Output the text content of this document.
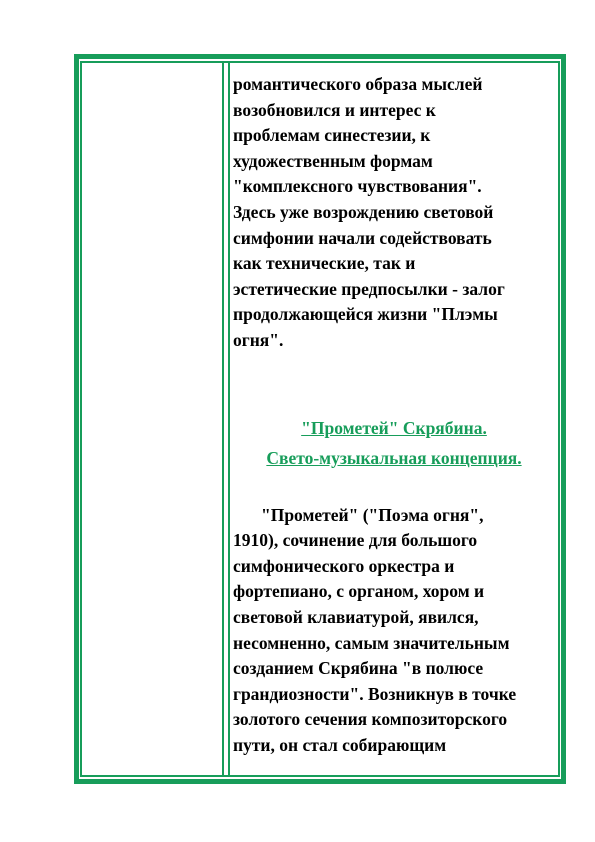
романтического образа мыслей
возобновился и интерес к
проблемам синестезии, к
художественным формам
"комплексного чувствования".
Здесь уже возрождению световой
симфонии начали содействовать
как технические, так и
эстетические предпосылки - залог
продолжающейся жизни "Плэмы
огня".

"Прометей" Скрябина.

Свето-музыкальная концепция.

"Прометей" ("Поэма огня",
1910), сочинение для большого
симфонического оркестра и
фортепиано, с органом, хором и
световой клавиатурой, явился,
несомненно, самым значительным
созданием Скрябина "в полюсе
грандиозности". Возникнув в точке
золотого сечения композиторского
пути, он стал собирающим
